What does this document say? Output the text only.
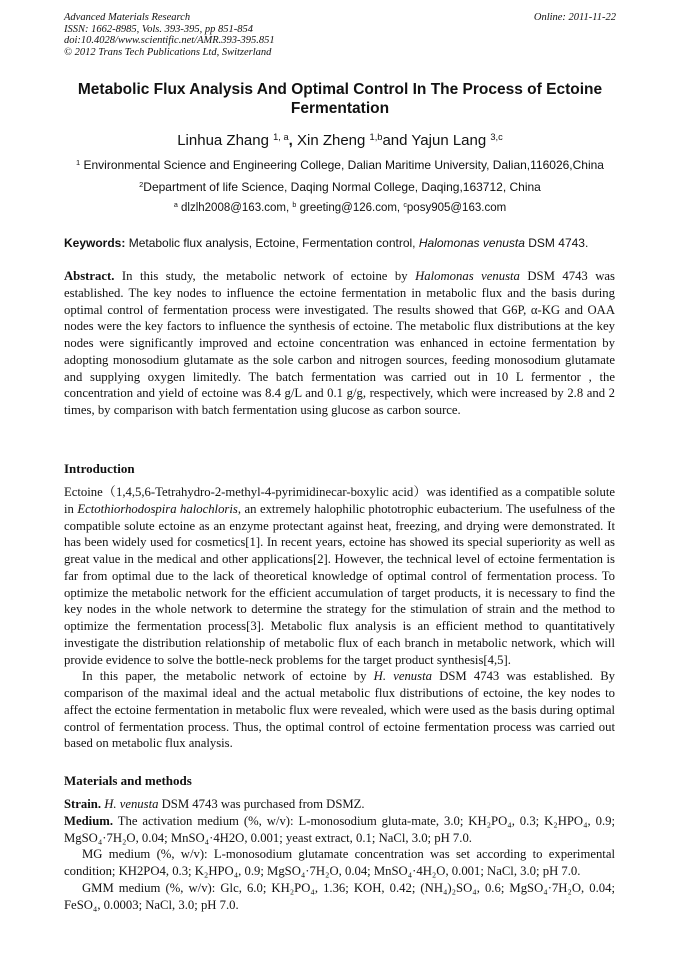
Advanced Materials Research
ISSN: 1662-8985, Vols. 393-395, pp 851-854
doi:10.4028/www.scientific.net/AMR.393-395.851
© 2012 Trans Tech Publications Ltd, Switzerland
Online: 2011-11-22
Metabolic Flux Analysis And Optimal Control In The Process of Ectoine Fermentation
Linhua Zhang $^{1, a}$, Xin Zheng $^{1,b}$and Yajun Lang $^{3,c}$
$^1$ Environmental Science and Engineering College, Dalian Maritime University, Dalian,116026,China
$^2$Department of life Science, Daqing Normal College, Daqing,163712, China
$^a$ dlzlh2008@163.com, $^b$ greeting@126.com, $^c$posy905@163.com
Keywords: Metabolic flux analysis, Ectoine, Fermentation control, Halomonas venusta DSM 4743.

Abstract. In this study, the metabolic network of ectoine by Halomonas venusta DSM 4743 was established. The key nodes to influence the ectoine fermentation in metabolic flux and the basis during optimal control of fermentation process were investigated. The results showed that G6P, α-KG and OAA nodes were the key factors to influence the synthesis of ectoine. The metabolic flux distributions at the key nodes were significantly improved and ectoine concentration was enhanced in ectoine fermentation by adopting monosodium glutamate as the sole carbon and nitrogen sources, feeding monosodium glutamate and supplying oxygen limitedly. The batch fermentation was carried out in 10 L fermentor , the concentration and yield of ectoine was 8.4 g/L and 0.1 g/g, respectively, which were increased by 2.8 and 2 times, by comparison with batch fermentation using glucose as carbon source.

Introduction

Ectoine（1,4,5,6-Tetrahydro-2-methyl-4-pyrimidinecar-boxylic acid）was identified as a compatible solute in Ectothiorhodospira halochloris, an extremely halophilic phototrophic eubacterium. The usefulness of the compatible solute ectoine as an enzyme protectant against heat, freezing, and drying were demonstrated. It has been widely used for cosmetics[1]. In recent years, ectoine has showed its special superiority as well as great value in the medical and other applications[2]. However, the technical level of ectoine fermentation is far from optimal due to the lack of theoretical knowledge of optimal control of fermentation process. To optimize the metabolic network for the efficient accumulation of target products, it is necessary to find the key nodes in the whole network to determine the strategy for the stimulation of strain and the method to optimize the fermentation process[3]. Metabolic flux analysis is an efficient method to quantitatively investigate the distribution relationship of metabolic flux of each branch in metabolic network, which will provide evidence to solve the bottle-neck problems for the target product synthesis[4,5].

In this paper, the metabolic network of ectoine by H. venusta DSM 4743 was established. By comparison of the maximal ideal and the actual metabolic flux distributions of ectoine, the key nodes to affect the ectoine fermentation in metabolic flux were revealed, which were used as the basis during optimal control of fermentation process. Thus, the optimal control of ectoine fermentation process was carried out based on metabolic flux analysis.

Materials and methods

Strain. H. venusta DSM 4743 was purchased from DSMZ.

Medium. The activation medium (%, w/v): L-monosodium gluta-mate, 3.0; KH₂PO₄, 0.3; K₂HPO₄, 0.9; MgSO₄·7H₂O, 0.04; MnSO₄·4H2O, 0.001; yeast extract, 0.1; NaCl, 3.0; pH 7.0.

MG medium (%, w/v): L-monosodium glutamate concentration was set according to experimental condition; KH2PO4, 0.3; K₂HPO₄, 0.9; MgSO₄·7H₂O, 0.04; MnSO₄·4H₂O, 0.001; NaCl, 3.0; pH 7.0.

GMM medium (%, w/v): Glc, 6.0; KH₂PO₄, 1.36; KOH, 0.42; (NH₄)₂SO₄, 0.6; MgSO₄·7H₂O, 0.04; FeSO₄, 0.0003; NaCl, 3.0; pH 7.0.
